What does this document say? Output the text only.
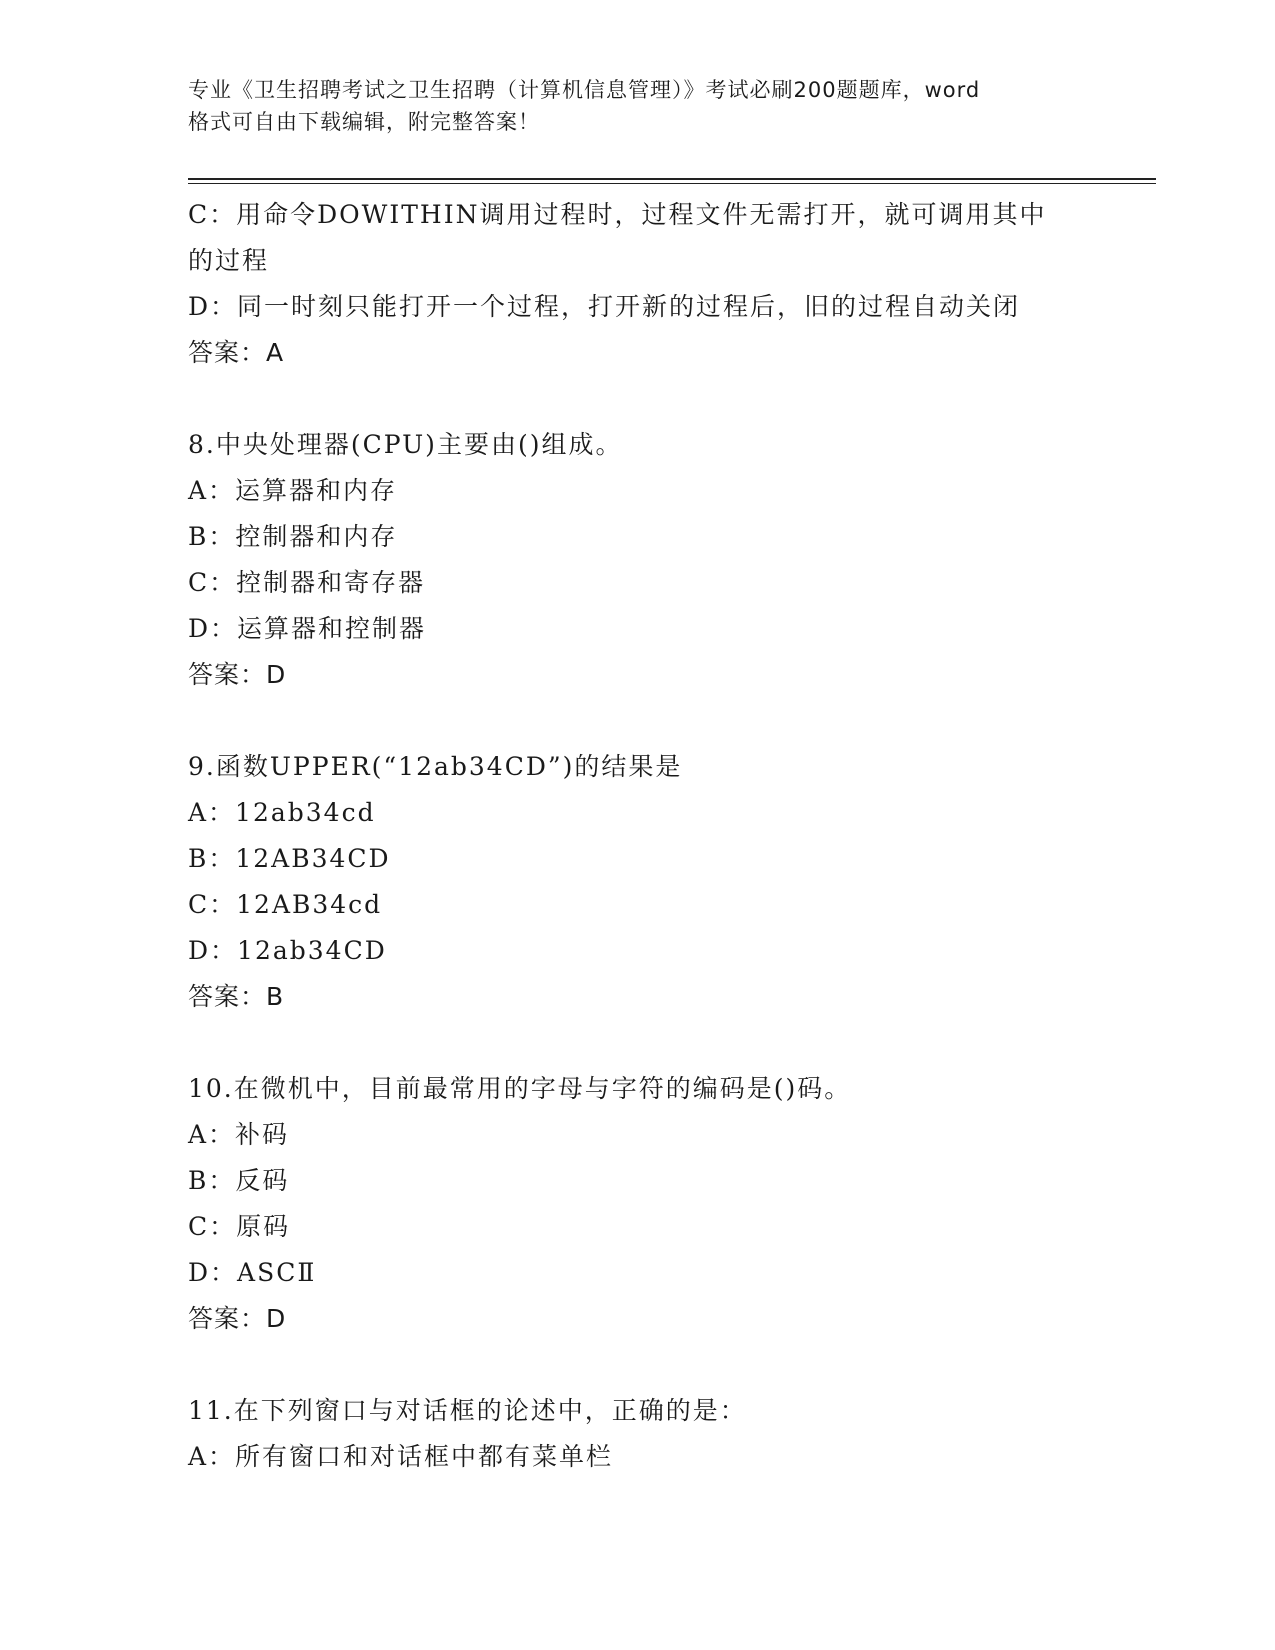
专业《卫生招聘考试之卫生招聘（计算机信息管理）》考试必刷200题题库，word
格式可自由下载编辑，附完整答案！
C：用命令DOWITHIN调用过程时，过程文件无需打开，就可调用其中
的过程
D：同一时刻只能打开一个过程，打开新的过程后，旧的过程自动关闭
答案：A
8.中央处理器(CPU)主要由()组成。
A：运算器和内存
B：控制器和内存
C：控制器和寄存器
D：运算器和控制器
答案：D
9.函数UPPER(“12ab34CD”)的结果是
A：12ab34cd
B：12AB34CD
C：12AB34cd
D：12ab34CD
答案：B
10.在微机中，目前最常用的字母与字符的编码是()码。
A：补码
B：反码
C：原码
D：ASCⅡ
答案：D
11.在下列窗口与对话框的论述中，正确的是：
A：所有窗口和对话框中都有菜单栏
